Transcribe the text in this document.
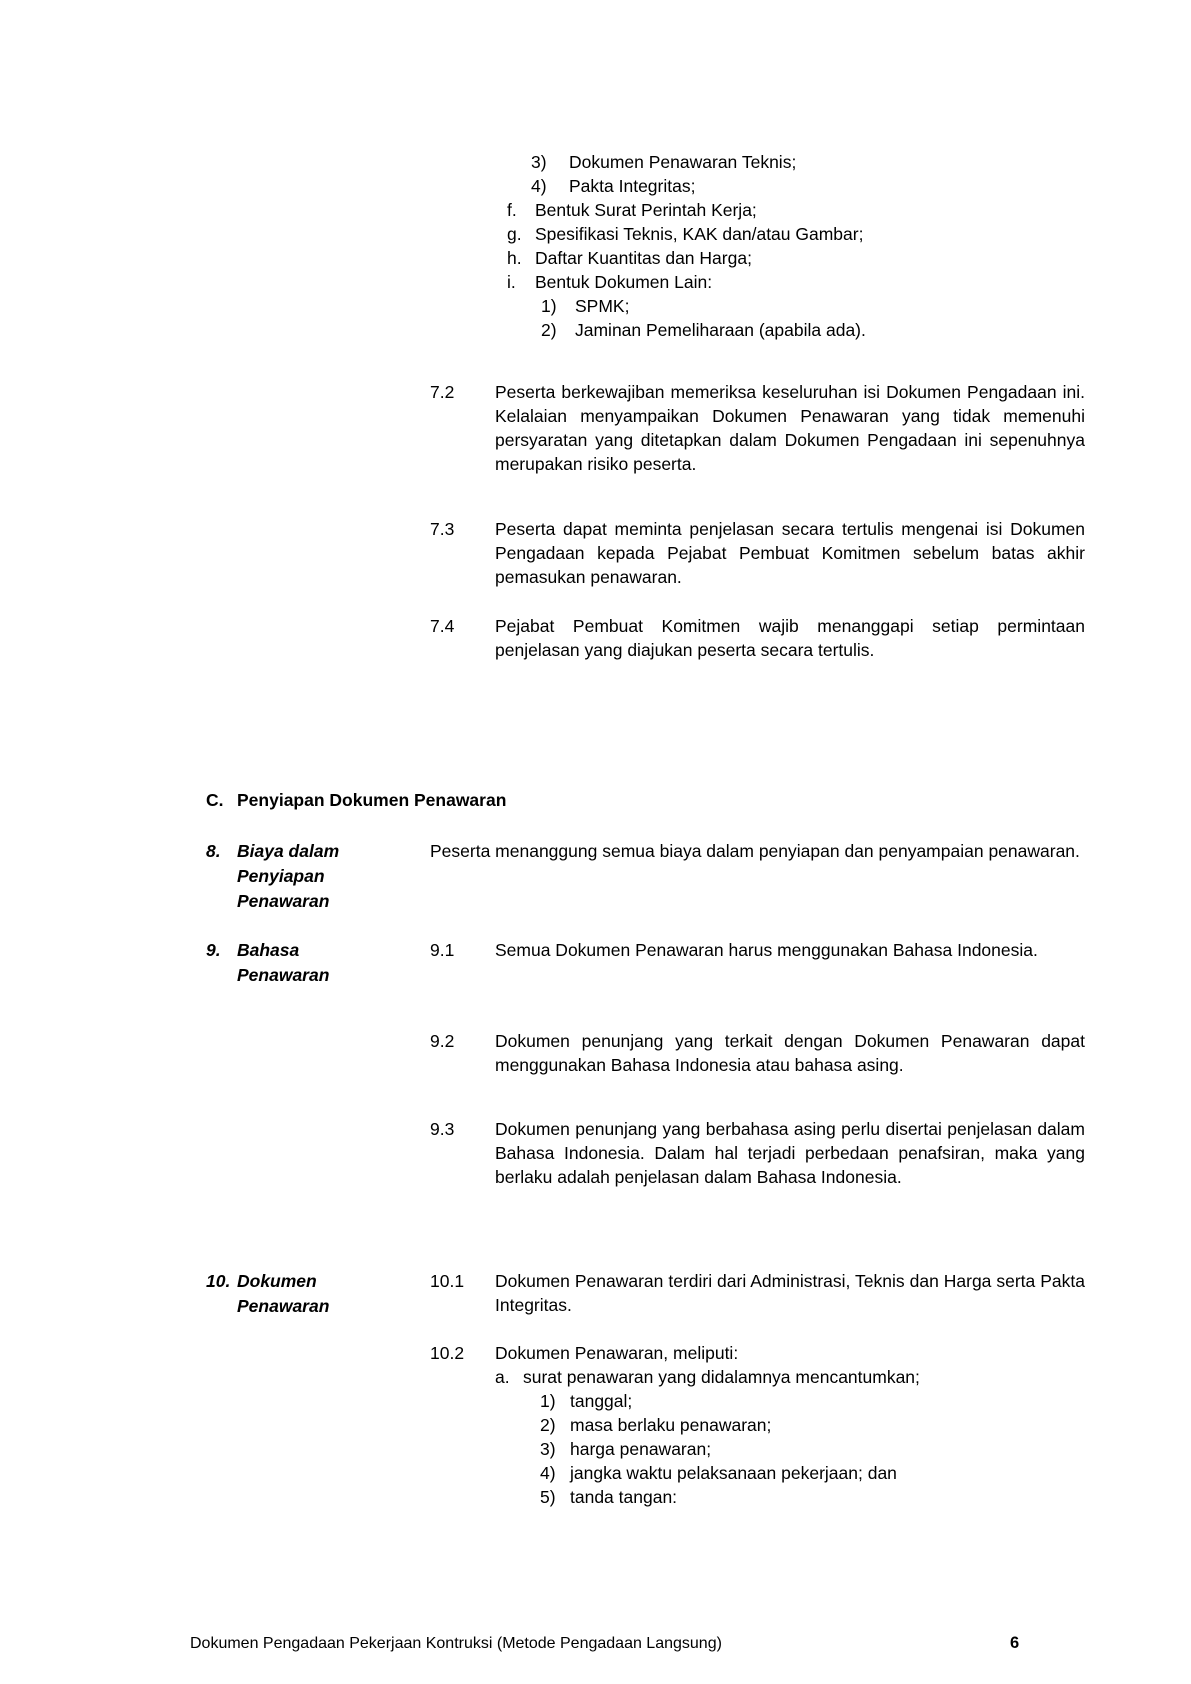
3)	Dokumen Penawaran Teknis;
4)	Pakta Integritas;
f.	Bentuk Surat Perintah Kerja;
g. Spesifikasi Teknis, KAK dan/atau Gambar;
h. Daftar Kuantitas dan Harga;
i.	Bentuk Dokumen Lain:
1)	SPMK;
2)	Jaminan Pemeliharaan (apabila ada).
7.2	Peserta berkewajiban memeriksa keseluruhan isi Dokumen Pengadaan ini. Kelalaian menyampaikan Dokumen Penawaran yang tidak memenuhi persyaratan yang ditetapkan dalam Dokumen Pengadaan ini sepenuhnya merupakan risiko peserta.
7.3	Peserta dapat meminta penjelasan secara tertulis mengenai isi Dokumen Pengadaan kepada Pejabat Pembuat Komitmen sebelum batas akhir pemasukan penawaran.
7.4	Pejabat Pembuat Komitmen wajib menanggapi setiap permintaan penjelasan yang diajukan peserta secara tertulis.
C. Penyiapan Dokumen Penawaran
8. Biaya dalam Penyiapan Penawaran
Peserta menanggung semua biaya dalam penyiapan dan penyampaian penawaran.
9. Bahasa Penawaran
9.1	Semua Dokumen Penawaran harus menggunakan Bahasa Indonesia.
9.2	Dokumen penunjang yang terkait dengan Dokumen Penawaran dapat menggunakan Bahasa Indonesia atau bahasa asing.
9.3	Dokumen penunjang yang berbahasa asing perlu disertai penjelasan dalam Bahasa Indonesia. Dalam hal terjadi perbedaan penafsiran, maka yang berlaku adalah penjelasan dalam Bahasa Indonesia.
10. Dokumen Penawaran
10.1	Dokumen Penawaran terdiri dari Administrasi, Teknis dan Harga serta Pakta Integritas.
10.2	Dokumen Penawaran, meliputi:
a. surat penawaran yang didalamnya mencantumkan;
1) tanggal;
2) masa berlaku penawaran;
3) harga penawaran;
4) jangka waktu pelaksanaan pekerjaan; dan
5) tanda tangan:
Dokumen Pengadaan Pekerjaan Kontruksi (Metode Pengadaan Langsung)	6
